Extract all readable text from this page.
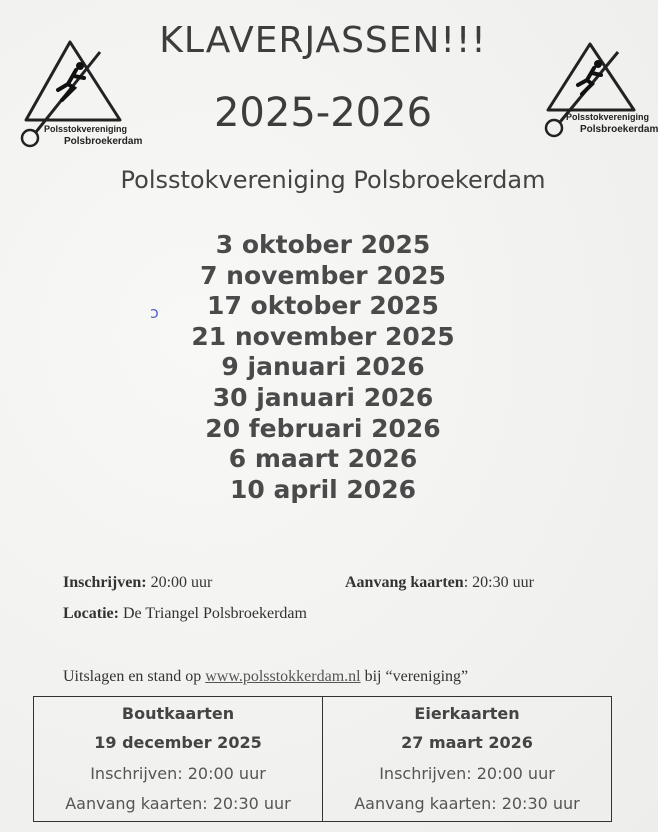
Polsstokvereniging
Polsbroekerdam
Polsstokvereniging
Polsbroekerdam
KLAVERJASSEN!!!
2025-2026
Polsstokvereniging Polsbroekerdam
3 oktober 2025
7 november 2025
17 oktober 2025
21 november 2025
9 januari 2026
30 januari 2026
20 februari 2026
6 maart 2026
10 april 2026
ↄ
Inschrijven: 20:00 uur	Aanvang kaarten: 20:30 uur
Locatie: De Triangel Polsbroekerdam
Uitslagen en stand op www.polsstokkerdam.nl bij “vereniging”
Boutkaarten
19 december 2025
Inschrijven: 20:00 uur
Aanvang kaarten: 20:30 uur
Eierkaarten
27 maart 2026
Inschrijven: 20:00 uur
Aanvang kaarten: 20:30 uur
